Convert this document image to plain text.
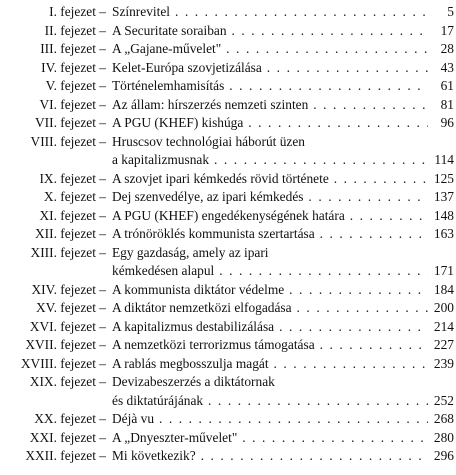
I. fejezet – Színrevitel . . .	5
II. fejezet – A Securitate soraiban . . .	17
III. fejezet – A „Gajane-művelet" . . .	28
IV. fejezet – Kelet-Európa szovjetizálása . . .	43
V. fejezet – Történelemhamisítás . . .	61
VI. fejezet – Az állam: hírszerzés nemzeti szinten . . .	81
VII. fejezet – A PGU (KHEF) kishúga . . .	96
VIII. fejezet – Hruscsov technológiai háborút üzen
a kapitalizmusnak . . .	114
IX. fejezet – A szovjet ipari kémkedés rövid története . . .	125
X. fejezet – Dej szenvedélye, az ipari kémkedés . . .	137
XI. fejezet – A PGU (KHEF) engedékenységének határa . . .	148
XII. fejezet – A trónöröklés kommunista szertartása . . .	163
XIII. fejezet – Egy gazdaság, amely az ipari
kémkedésen alapul . . .	171
XIV. fejezet – A kommunista diktátor védelme . . .	184
XV. fejezet – A diktátor nemzetközi elfogadása . . .	200
XVI. fejezet – A kapitalizmus destabilizálása . . .	214
XVII. fejezet – A nemzetközi terrorizmus támogatása . . .	227
XVIII. fejezet – A rablás megbosszulja magát . . .	239
XIX. fejezet – Devizabeszerzés a diktátornak
és diktatúrájának . . .	252
XX. fejezet – Déjà vu . . .	268
XXI. fejezet – A „Dnyeszter-művelet" . . .	280
XXII. fejezet – Mi következik? . . .	296
